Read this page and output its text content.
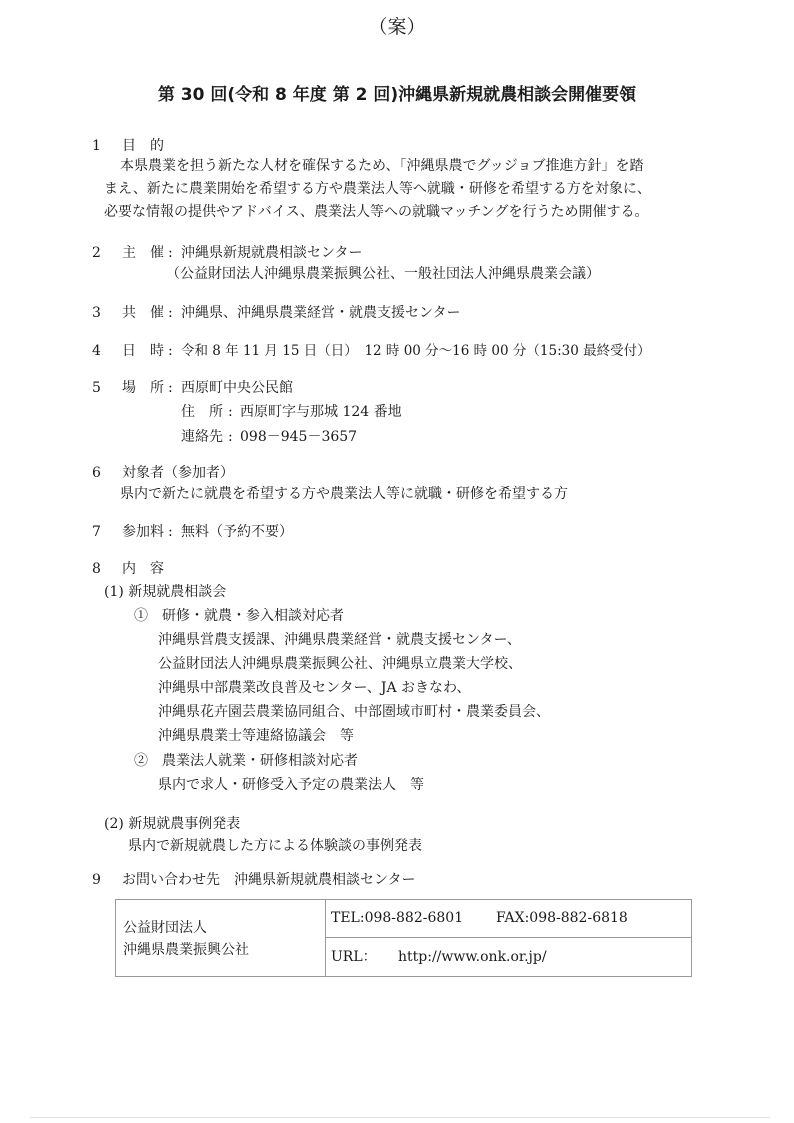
（案）
第 30 回(令和 8 年度 第 2 回)沖縄県新規就農相談会開催要領
1 目　的
本県農業を担う新たな人材を確保するため、「沖縄県農でグッジョブ推進方針」を踏
まえ、新たに農業開始を希望する方や農業法人等へ就職・研修を希望する方を対象に、
必要な情報の提供やアドバイス、農業法人等への就職マッチングを行うため開催する。
2 主　催 : 沖縄県新規就農相談センター
（公益財団法人沖縄県農業振興公社、一般社団法人沖縄県農業会議）
3 共　催 : 沖縄県、沖縄県農業経営・就農支援センター
4 日　時 : 令和 8 年 11 月 15 日（日）　12 時 00 分～16 時 00 分（15:30 最終受付）
5 場　所 : 西原町中央公民館
住　所 : 西原町字与那城 124 番地
連絡先 : 098－945－3657
6 対象者（参加者）
県内で新たに就農を希望する方や農業法人等に就職・研修を希望する方
7 参加料 : 無料（予約不要）
8 内　容
(1) 新規就農相談会
①　研修・就農・参入相談対応者
沖縄県営農支援課、沖縄県農業経営・就農支援センター、
公益財団法人沖縄県農業振興公社、沖縄県立農業大学校、
沖縄県中部農業改良普及センター、JA おきなわ、
沖縄県花卉園芸農業協同組合、中部圏域市町村・農業委員会、
沖縄県農業士等連絡協議会　等
②　農業法人就業・研修相談対応者
県内で求人・研修受入予定の農業法人　等
(2) 新規就農事例発表
県内で新規就農した方による体験談の事例発表
9 お問い合わせ先　沖縄県新規就農相談センター
公益財団法人
沖縄県農業振興公社
TEL:098-882-6801 FAX:098-882-6818
URL： http://www.onk.or.jp/
